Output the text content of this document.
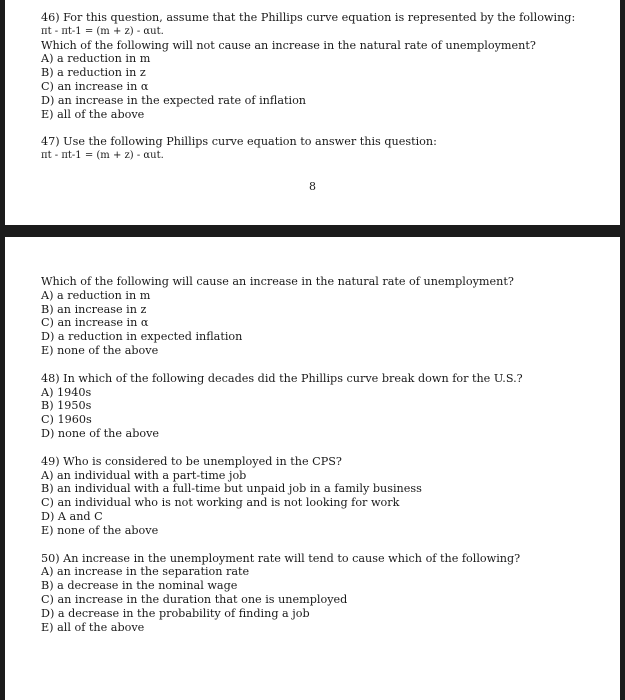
46) For this question, assume that the Phillips curve equation is represented by the following:
πt - πt-1 = (m + z) - αut.
Which of the following will not cause an increase in the natural rate of unemployment?
A) a reduction in m
B) a reduction in z
C) an increase in α
D) an increase in the expected rate of inflation
E) all of the above
47) Use the following Phillips curve equation to answer this question:
πt - πt-1 = (m + z) - αut.
8
Which of the following will cause an increase in the natural rate of unemployment?
A) a reduction in m
B) an increase in z
C) an increase in α
D) a reduction in expected inflation
E) none of the above
48) In which of the following decades did the Phillips curve break down for the U.S.?
A) 1940s
B) 1950s
C) 1960s
D) none of the above
49) Who is considered to be unemployed in the CPS?
A) an individual with a part-time job
B) an individual with a full-time but unpaid job in a family business
C) an individual who is not working and is not looking for work
D) A and C
E) none of the above
50) An increase in the unemployment rate will tend to cause which of the following?
A) an increase in the separation rate
B) a decrease in the nominal wage
C) an increase in the duration that one is unemployed
D) a decrease in the probability of finding a job
E) all of the above
